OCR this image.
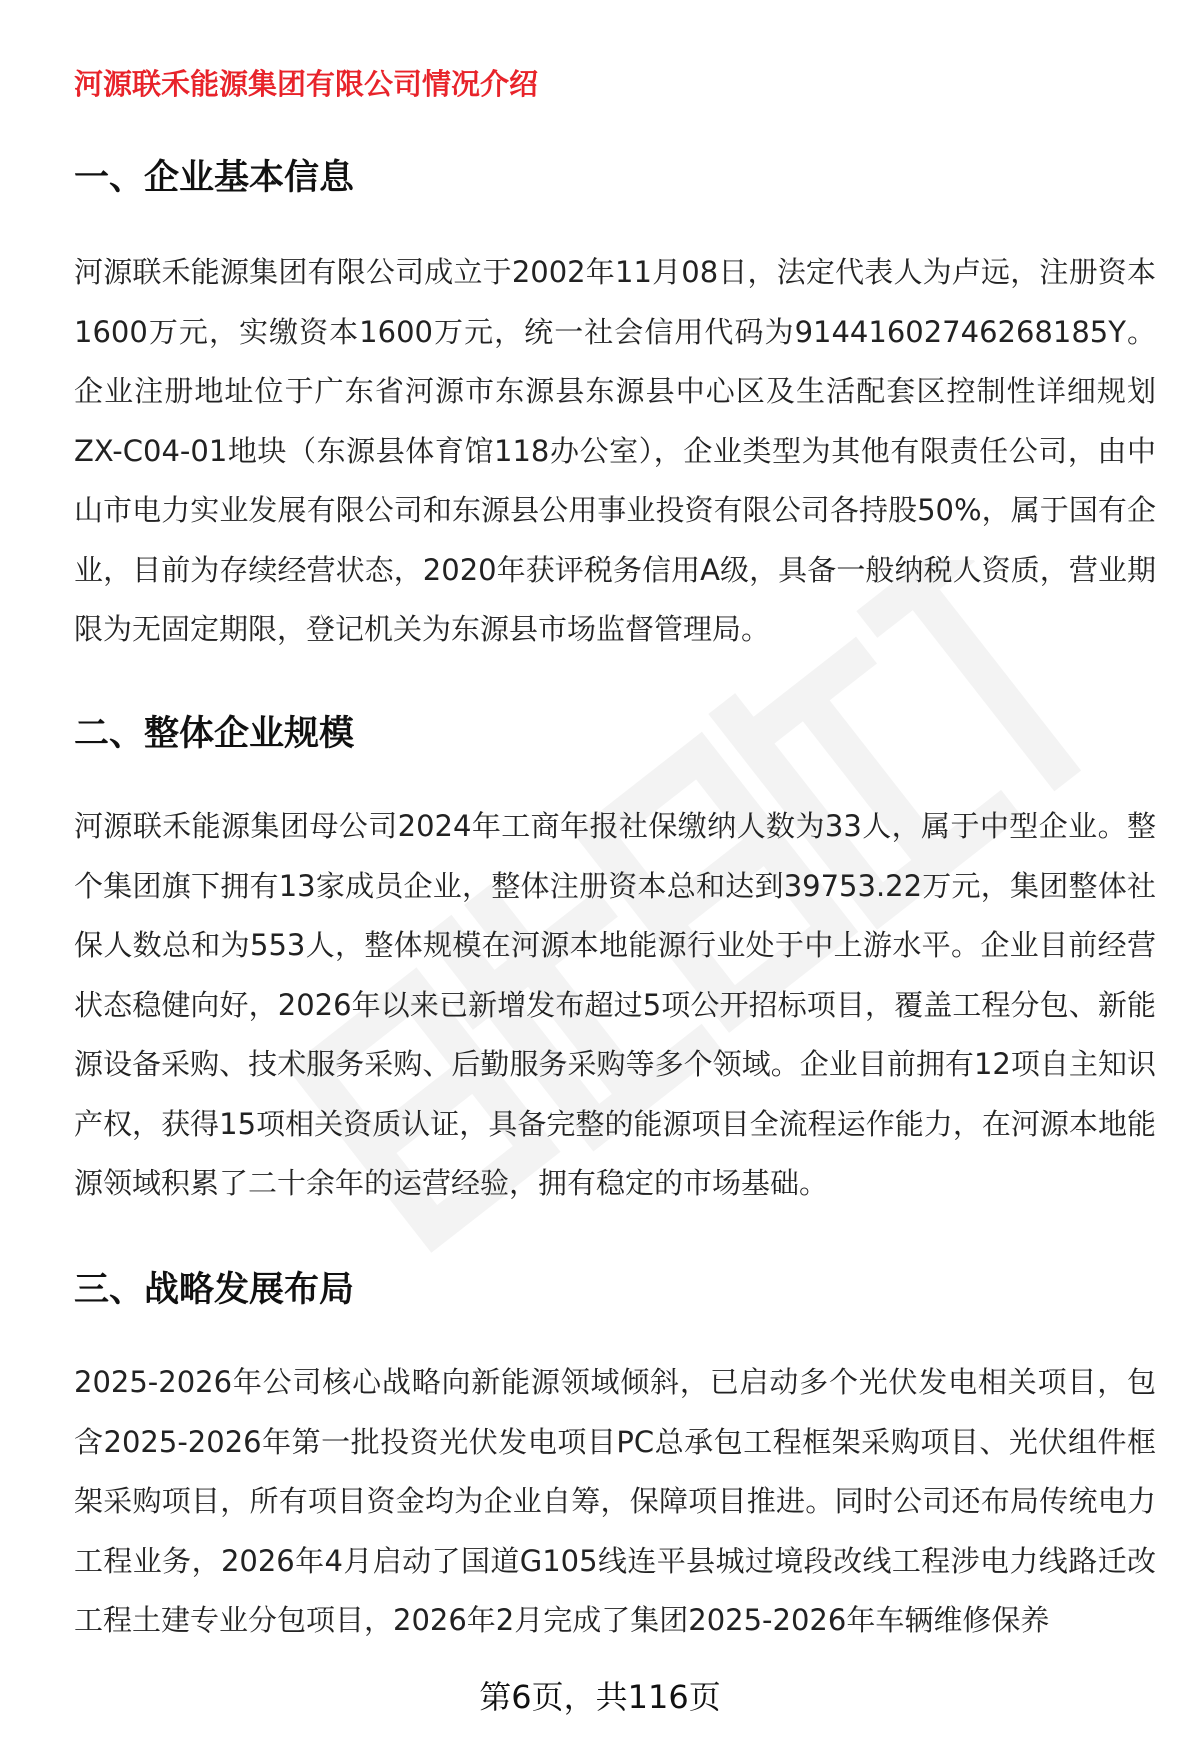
河源联禾能源集团有限公司情况介绍
一、企业基本信息

河源联禾能源集团有限公司成立于2002年11月08日，法定代表人为卢远，注册资本1600万元，实缴资本1600万元，统一社会信用代码为91441602746268185Y。企业注册地址位于广东省河源市东源县东源县中心区及生活配套区控制性详细规划ZX-C04-01地块（东源县体育馆118办公室），企业类型为其他有限责任公司，由中山市电力实业发展有限公司和东源县公用事业投资有限公司各持股50%，属于国有企业，目前为存续经营状态，2020年获评税务信用A级，具备一般纳税人资质，营业期限为无固定期限，登记机关为东源县市场监督管理局。

二、整体企业规模

河源联禾能源集团母公司2024年工商年报社保缴纳人数为33人，属于中型企业。整个集团旗下拥有13家成员企业，整体注册资本总和达到39753.22万元，集团整体社保人数总和为553人，整体规模在河源本地能源行业处于中上游水平。企业目前经营状态稳健向好，2026年以来已新增发布超过5项公开招标项目，覆盖工程分包、新能源设备采购、技术服务采购、后勤服务采购等多个领域。企业目前拥有12项自主知识产权，获得15项相关资质认证，具备完整的能源项目全流程运作能力，在河源本地能源领域积累了二十余年的运营经验，拥有稳定的市场基础。

三、战略发展布局

2025-2026年公司核心战略向新能源领域倾斜，已启动多个光伏发电相关项目，包含2025-2026年第一批投资光伏发电项目PC总承包工程框架采购项目、光伏组件框架采购项目，所有项目资金均为企业自筹，保障项目推进。同时公司还布局传统电力工程业务，2026年4月启动了国道G105线连平县城过境段改线工程涉电力线路迁改工程土建专业分包项目，2026年2月完成了集团2025-2026年车辆维修保养

第6页，共116页
